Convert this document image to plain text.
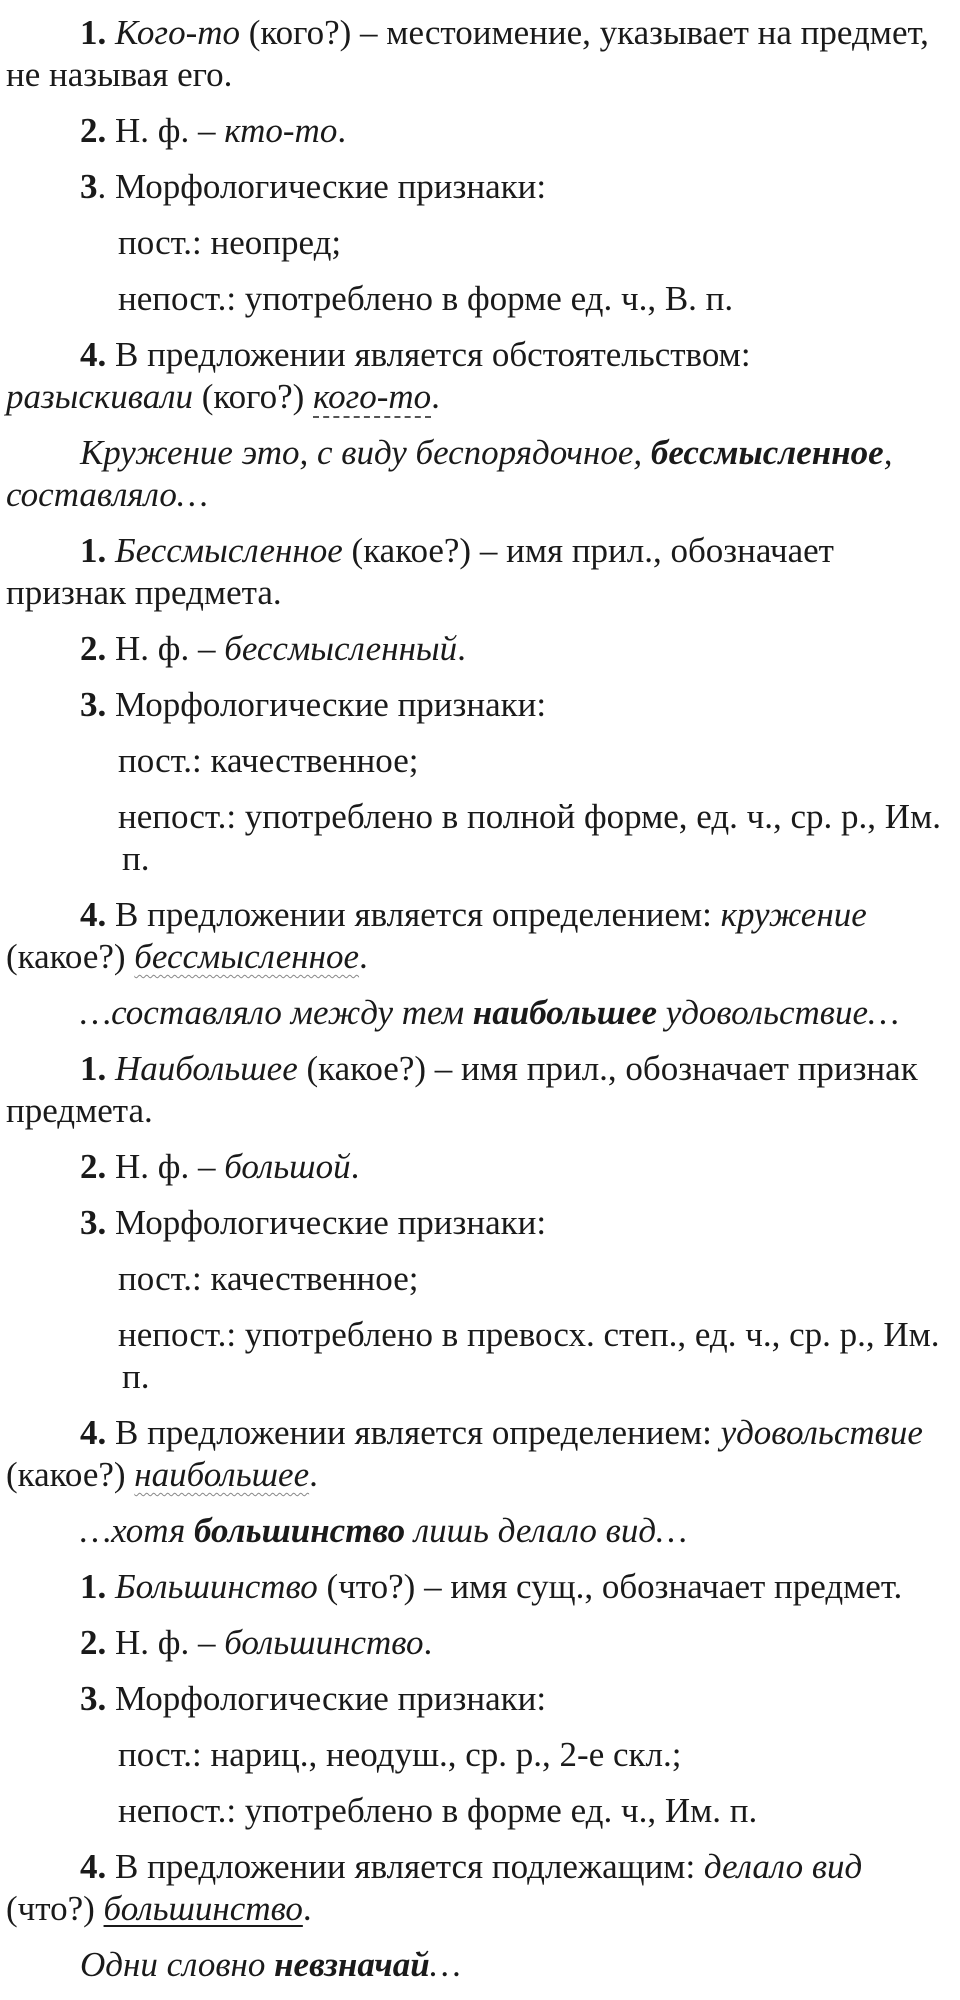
1. Кого-то (кого?) – местоимение, указывает на предмет, не называя его.

2. Н. ф. – кто-то.

3. Морфологические признаки:

пост.: неопред;

непост.: употреблено в форме ед. ч., В. п.

4. В предложении является обстоятельством: разыскивали (кого?) кого-то.

Кружение это, с виду беспорядочное, бессмысленное, составляло…

1. Бессмысленное (какое?) – имя прил., обозначает признак предмета.

2. Н. ф. – бессмысленный.

3. Морфологические признаки:

пост.: качественное;

непост.: употреблено в полной форме, ед. ч., ср. р., Им. п.

4. В предложении является определением: кружение (какое?) бессмысленное.

…составляло между тем наибольшее удовольствие…

1. Наибольшее (какое?) – имя прил., обозначает признак предмета.

2. Н. ф. – большой.

3. Морфологические признаки:

пост.: качественное;

непост.: употреблено в превосх. степ., ед. ч., ср. р., Им. п.

4. В предложении является определением: удовольствие (какое?) наибольшее.

…хотя большинство лишь делало вид…

1. Большинство (что?) – имя сущ., обозначает предмет.

2. Н. ф. – большинство.

3. Морфологические признаки:

пост.: нариц., неодуш., ср. р., 2-е скл.;

непост.: употреблено в форме ед. ч., Им. п.

4. В предложении является подлежащим: делало вид (что?) большинство.

Одни словно невзначай…
